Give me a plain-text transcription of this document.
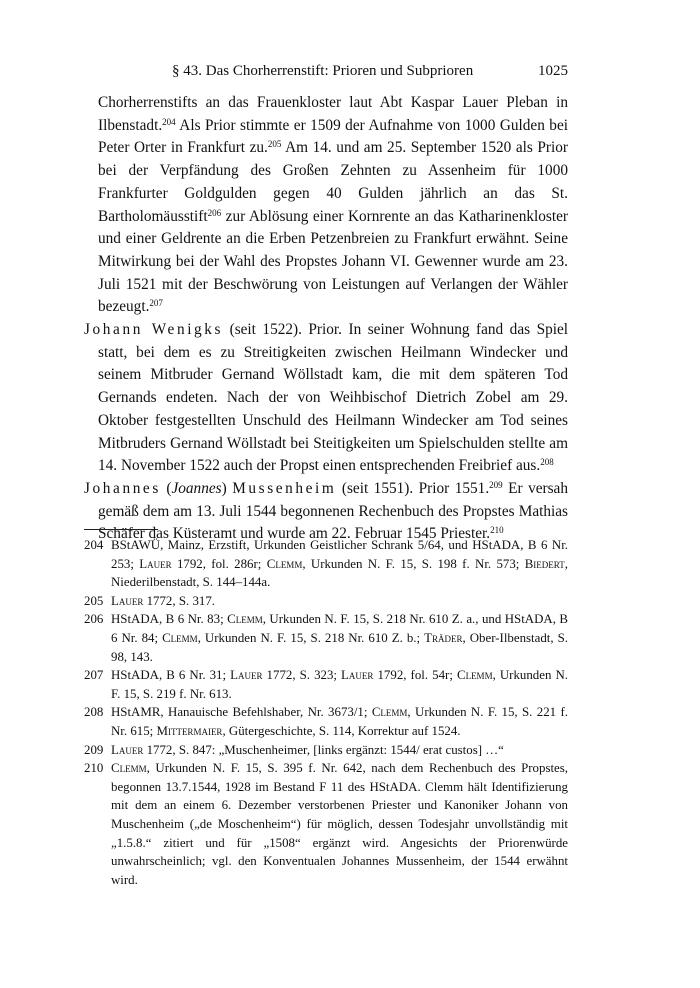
§ 43. Das Chorherrenstift: Prioren und Subprioren	1025

Chorherrenstifts an das Frauenkloster laut Abt Kaspar Lauer Pleban in Ilbenstadt.$^{204}$ Als Prior stimmte er 1509 der Aufnahme von 1000 Gulden bei Peter Orter in Frankfurt zu.$^{205}$ Am 14. und am 25. September 1520 als Prior bei der Verpfändung des Großen Zehnten zu Assenheim für 1000 Frankfurter Goldgulden gegen 40 Gulden jährlich an das St. Bartholomäusstift$^{206}$ zur Ablösung einer Kornrente an das Katharinenkloster und einer Geldrente an die Erben Petzenbreien zu Frankfurt erwähnt. Seine Mitwirkung bei der Wahl des Propstes Johann VI. Gewenner wurde am 23. Juli 1521 mit der Beschwörung von Leistungen auf Verlangen der Wähler bezeugt.$^{207}$

Johann Wenigks (seit 1522). Prior. In seiner Wohnung fand das Spiel statt, bei dem es zu Streitigkeiten zwischen Heilmann Windecker und seinem Mitbruder Gernand Wöllstadt kam, die mit dem späteren Tod Gernands endeten. Nach der von Weihbischof Dietrich Zobel am 29. Oktober festgestellten Unschuld des Heilmann Windecker am Tod seines Mitbruders Gernand Wöllstadt bei Steitigkeiten um Spielschulden stellte am 14. November 1522 auch der Propst einen entsprechenden Freibrief aus.$^{208}$

Johannes (Joannes) Mussenheim (seit 1551). Prior 1551.$^{209}$ Er versah gemäß dem am 13. Juli 1544 begonnenen Rechenbuch des Propstes Mathias Schäfer das Küsteramt und wurde am 22. Februar 1545 Priester.$^{210}$

204 BStAWÜ, Mainz, Erzstift, Urkunden Geistlicher Schrank 5/64, und HStADA, B 6 Nr. 253; Lauer 1792, fol. 286r; Clemm, Urkunden N. F. 15, S. 198 f. Nr. 573; Biedert, Niederilbenstadt, S. 144–144a.
205 Lauer 1772, S. 317.
206 HStADA, B 6 Nr. 83; Clemm, Urkunden N. F. 15, S. 218 Nr. 610 Z. a., und HStADA, B 6 Nr. 84; Clemm, Urkunden N. F. 15, S. 218 Nr. 610 Z. b.; Träder, Ober-Ilbenstadt, S. 98, 143.
207 HStADA, B 6 Nr. 31; Lauer 1772, S. 323; Lauer 1792, fol. 54r; Clemm, Urkunden N. F. 15, S. 219 f. Nr. 613.
208 HStAMR, Hanauische Befehlshaber, Nr. 3673/1; Clemm, Urkunden N. F. 15, S. 221 f. Nr. 615; Mittermaier, Gütergeschichte, S. 114, Korrektur auf 1524.
209 Lauer 1772, S. 847: „Muschenheimer, [links ergänzt: 1544/ erat custos] …“
210 Clemm, Urkunden N. F. 15, S. 395 f. Nr. 642, nach dem Rechenbuch des Propstes, begonnen 13.7.1544, 1928 im Bestand F 11 des HStADA. Clemm hält Identifizierung mit dem an einem 6. Dezember verstorbenen Priester und Kanoniker Johann von Muschenheim („de Moschenheim“) für möglich, dessen Todesjahr unvollständig mit „1.5.8.“ zitiert und für „1508“ ergänzt wird. Angesichts der Priorenwürde unwahrscheinlich; vgl. den Konventualen Johannes Mussenheim, der 1544 erwähnt wird.
